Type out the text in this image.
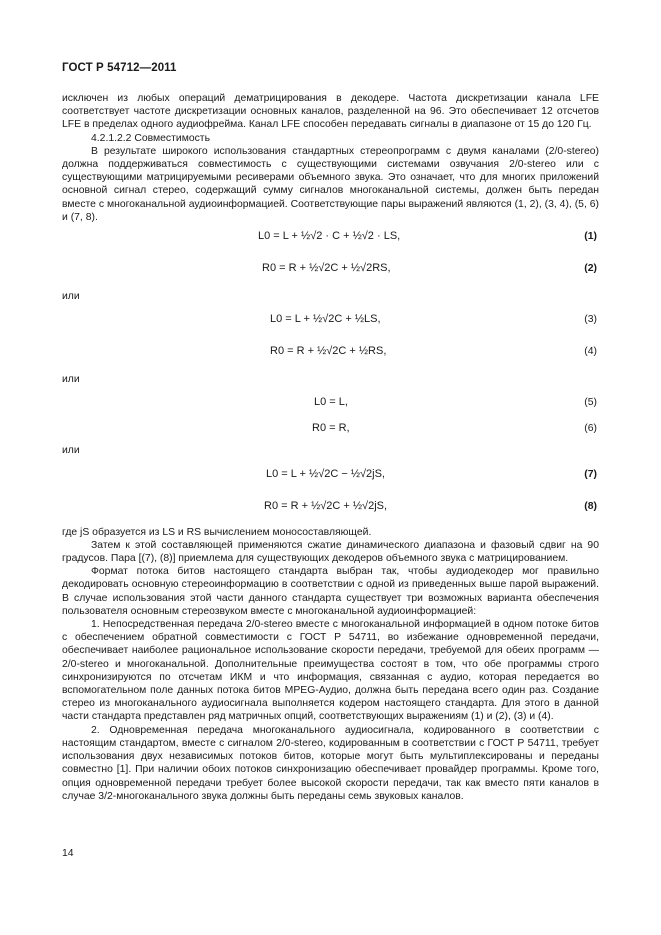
ГОСТ Р 54712—2011

исключен из любых операций дематрицирования в декодере. Частота дискретизации канала LFE соответствует частоте дискретизации основных каналов, разделенной на 96. Это обеспечивает 12 отсчетов LFE в пределах одного аудиофрейма. Канал LFE способен передавать сигналы в диапазоне от 15 до 120 Гц.

4.2.1.2.2 Совместимость

В результате широкого использования стандартных стереопрограмм с двумя каналами (2/0-stereo) должна поддерживаться совместимость с существующими системами озвучания 2/0-stereo или с существующими матрицируемыми ресиверами объемного звука. Это означает, что для многих приложений основной сигнал стерео, содержащий сумму сигналов многоканальной системы, должен быть передан вместе с многоканальной аудиоинформацией. Соответствующие пары выражений являются (1, 2), (3, 4), (5, 6) и (7, 8).

L0 = L + ½√2 · C + ½√2 · LS,	(1)
R0 = R + ½√2C + ½√2RS,	(2)

или

L0 = L + ½√2C + ½LS,	(3)
R0 = R + ½√2C + ½RS,	(4)

или

L0 = L,	(5)
R0 = R,	(6)

или

L0 = L + ½√2C − ½√2jS,	(7)
R0 = R + ½√2C + ½√2jS,	(8)

где jS образуется из LS и RS вычислением моносоставляющей.

Затем к этой составляющей применяются сжатие динамического диапазона и фазовый сдвиг на 90 градусов. Пара [(7), (8)] приемлема для существующих декодеров объемного звука с матрицированием.

Формат потока битов настоящего стандарта выбран так, чтобы аудиодекодер мог правильно декодировать основную стереоинформацию в соответствии с одной из приведенных выше парой выражений. В случае использования этой части данного стандарта существует три возможных варианта обеспечения пользователя основным стереозвуком вместе с многоканальной аудиоинформацией:

1. Непосредственная передача 2/0-stereo вместе с многоканальной информацией в одном потоке битов с обеспечением обратной совместимости с ГОСТ Р 54711, во избежание одновременной передачи, обеспечивает наиболее рациональное использование скорости передачи, требуемой для обеих программ — 2/0-stereo и многоканальной. Дополнительные преимущества состоят в том, что обе программы строго синхронизируются по отсчетам ИКМ и что информация, связанная с аудио, которая передается во вспомогательном поле данных потока битов MPEG-Аудио, должна быть передана всего один раз. Создание стерео из многоканального аудиосигнала выполняется кодером настоящего стандарта. Для этого в данной части стандарта представлен ряд матричных опций, соответствующих выражениям (1) и (2), (3) и (4).

2. Одновременная передача многоканального аудиосигнала, кодированного в соответствии с настоящим стандартом, вместе с сигналом 2/0-stereo, кодированным в соответствии с ГОСТ Р 54711, требует использования двух независимых потоков битов, которые могут быть мультиплексированы и переданы совместно [1]. При наличии обоих потоков синхронизацию обеспечивает провайдер программы. Кроме того, опция одновременной передачи требует более высокой скорости передачи, так как вместо пяти каналов в случае 3/2-многоканального звука должны быть переданы семь звуковых каналов.

14
